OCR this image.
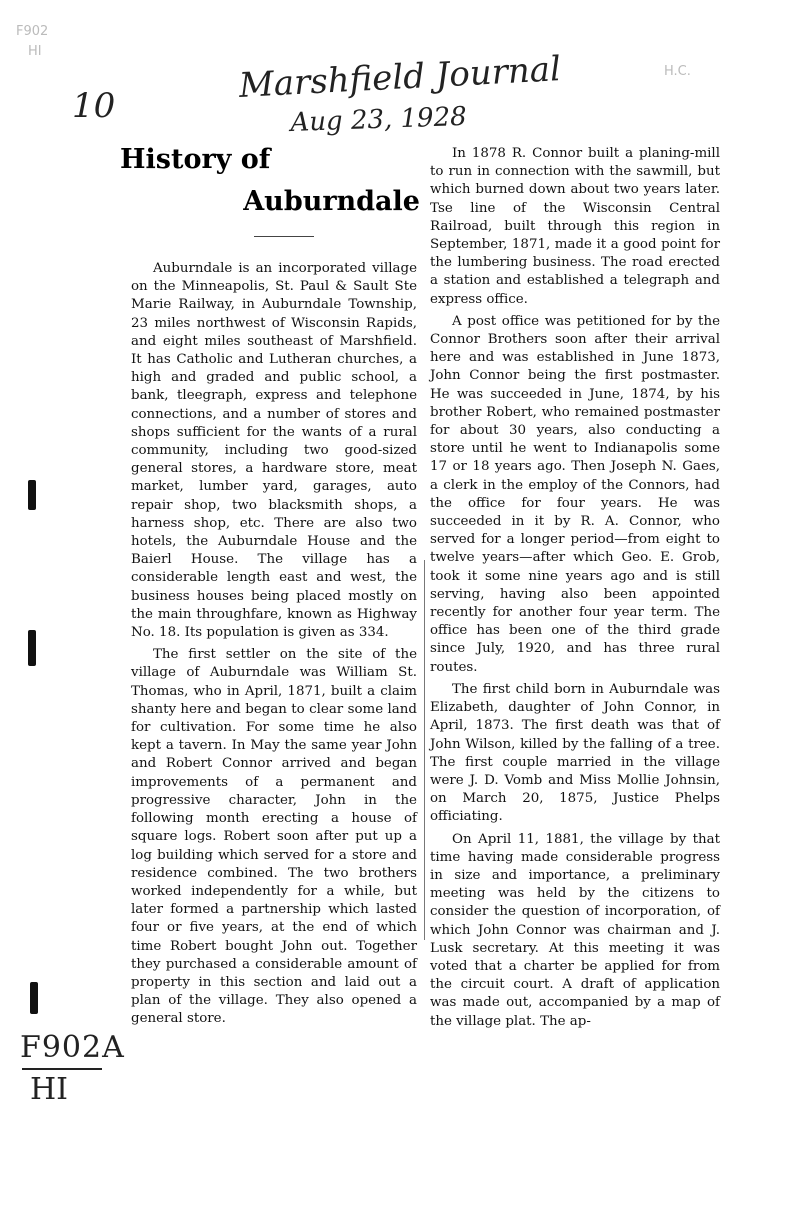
F902
HI
H.C.
10
Marshfield Journal
Aug 23, 1928
History of
Auburndale

Auburndale is an incorporated village on the Minneapolis, St. Paul & Sault Ste Marie Railway, in Auburndale Township, 23 miles northwest of Wisconsin Rapids, and eight miles southeast of Marshfield. It has Catholic and Lutheran churches, a high and graded and public school, a bank, tleegraph, express and telephone connections, and a number of stores and shops sufficient for the wants of a rural community, including two good-sized general stores, a hardware store, meat market, lumber yard, garages, auto repair shop, two blacksmith shops, a harness shop, etc. There are also two hotels, the Auburndale House and the Baierl House. The village has a considerable length east and west, the business houses being placed mostly on the main throughfare, known as Highway No. 18. Its population is given as 334.

The first settler on the site of the village of Auburndale was William St. Thomas, who in April, 1871, built a claim shanty here and began to clear some land for cultivation. For some time he also kept a tavern. In May the same year John and Robert Connor arrived and began improvements of a permanent and progressive character, John in the following month erecting a house of square logs. Robert soon after put up a log building which served for a store and residence combined. The two brothers worked independently for a while, but later formed a partnership which lasted four or five years, at the end of which time Robert bought John out. Together they purchased a considerable amount of property in this section and laid out a plan of the village. They also opened a general store.

In 1878 R. Connor built a planing-mill to run in connection with the sawmill, but which burned down about two years later. Tse line of the Wisconsin Central Railroad, built through this region in September, 1871, made it a good point for the lumbering business. The road erected a station and established a telegraph and express office.

A post office was petitioned for by the Connor Brothers soon after their arrival here and was established in June 1873, John Connor being the first postmaster. He was succeeded in June, 1874, by his brother Robert, who remained postmaster for about 30 years, also conducting a store until he went to Indianapolis some 17 or 18 years ago. Then Joseph N. Gaes, a clerk in the employ of the Connors, had the office for four years. He was succeeded in it by R. A. Connor, who served for a longer period—from eight to twelve years—after which Geo. E. Grob, took it some nine years ago and is still serving, having also been appointed recently for another four year term. The office has been one of the third grade since July, 1920, and has three rural routes.

The first child born in Auburndale was Elizabeth, daughter of John Connor, in April, 1873. The first death was that of John Wilson, killed by the falling of a tree. The first couple married in the village were J. D. Vomb and Miss Mollie Johnsin, on March 20, 1875, Justice Phelps officiating.

On April 11, 1881, the village by that time having made considerable progress in size and importance, a preliminary meeting was held by the citizens to consider the question of incorporation, of which John Connor was chairman and J. Lusk secretary. At this meeting it was voted that a charter be applied for from the circuit court. A draft of application was made out, accompanied by a map of the village plat. The ap-

F902A
HI
